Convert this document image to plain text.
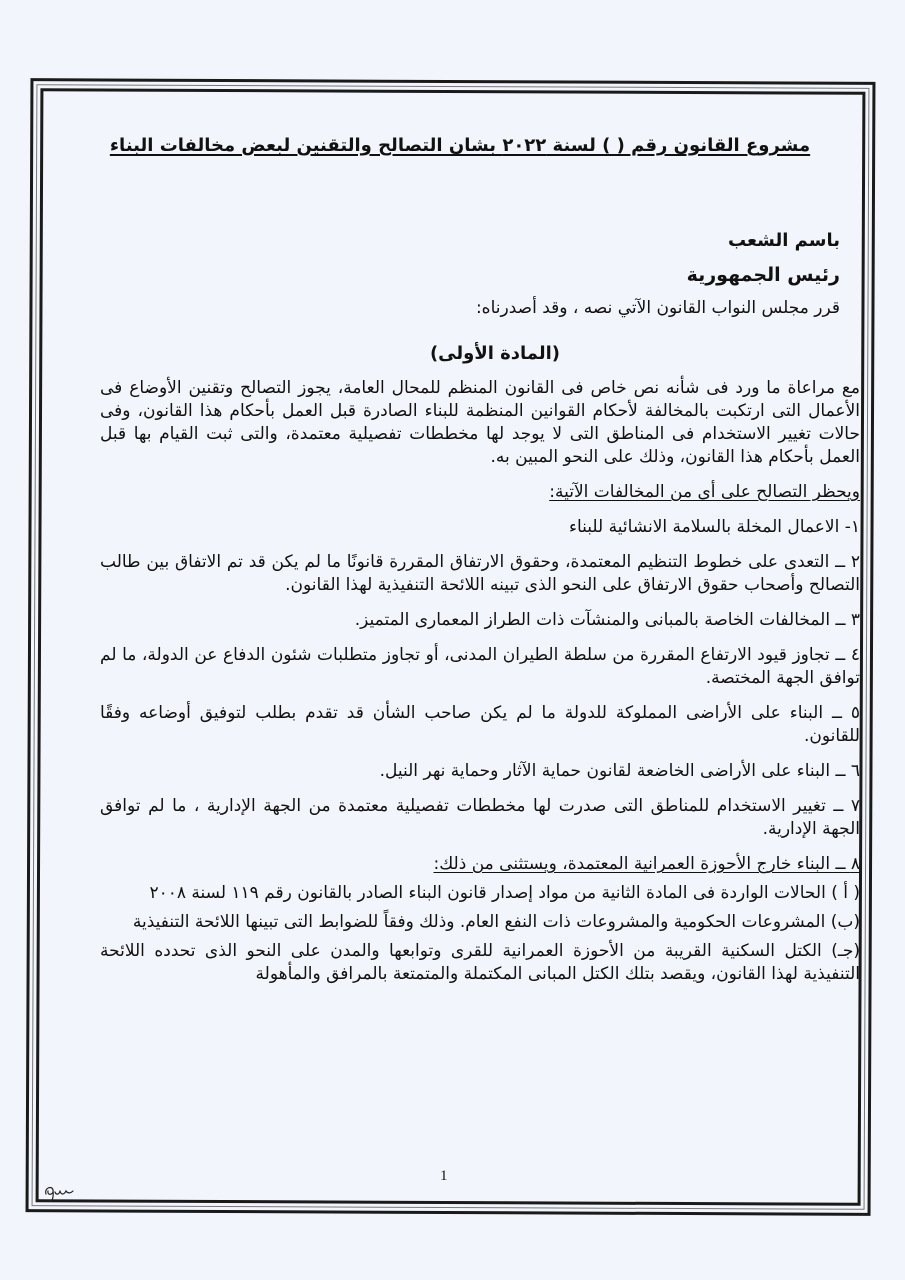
مشروع القانون رقم ( ) لسنة ٢٠٢٢ بشان التصالح والتقنين لبعض مخالفات البناء
باسم الشعب
رئيس الجمهورية
قرر مجلس النواب القانون الآتي نصه ، وقد أصدرناه:
(المادة الأولى)
مع مراعاة ما ورد فى شأنه نص خاص فى القانون المنظم للمحال العامة، يجوز التصالح وتقنين الأوضاع فى الأعمال التى ارتكبت بالمخالفة لأحكام القوانين المنظمة للبناء الصادرة قبل العمل بأحكام هذا القانون، وفى حالات تغيير الاستخدام فى المناطق التى لا يوجد لها مخططات تفصيلية معتمدة، والتى ثبت القيام بها قبل العمل بأحكام هذا القانون، وذلك على النحو المبين به.
ويحظر التصالح على أى من المخالفات الآتية:
١- الاعمال المخلة بالسلامة الانشائية للبناء
٢ ــ التعدى على خطوط التنظيم المعتمدة، وحقوق الارتفاق المقررة قانونًا ما لم يكن قد تم الاتفاق بين طالب التصالح وأصحاب حقوق الارتفاق على النحو الذى تبينه اللائحة التنفيذية لهذا القانون.
٣ ــ المخالفات الخاصة بالمبانى والمنشآت ذات الطراز المعمارى المتميز.
٤ ــ تجاوز قيود الارتفاع المقررة من سلطة الطيران المدنى، أو تجاوز متطلبات شئون الدفاع عن الدولة، ما لم توافق الجهة المختصة.
٥ ــ البناء على الأراضى المملوكة للدولة ما لم يكن صاحب الشأن قد تقدم بطلب لتوفيق أوضاعه وفقًا للقانون.
٦ ــ البناء على الأراضى الخاضعة لقانون حماية الآثار وحماية نهر النيل.
٧ ــ تغيير الاستخدام للمناطق التى صدرت لها مخططات تفصيلية معتمدة من الجهة الإدارية ، ما لم توافق الجهة الإدارية.
٨ ــ البناء خارج الأحوزة العمرانية المعتمدة، ويستثنى من ذلك:
( أ ) الحالات الواردة فى المادة الثانية من مواد إصدار قانون البناء الصادر بالقانون رقم ١١٩ لسنة ٢٠٠٨
(ب) المشروعات الحكومية والمشروعات ذات النفع العام. وذلك وفقاً للضوابط التى تبينها اللائحة التنفيذية
(جـ) الكتل السكنية القريبة من الأحوزة العمرانية للقرى وتوابعها والمدن على النحو الذى تحدده اللائحة التنفيذية لهذا القانون، ويقصد بتلك الكتل المبانى المكتملة والمتمتعة بالمرافق والمأهولة
1
